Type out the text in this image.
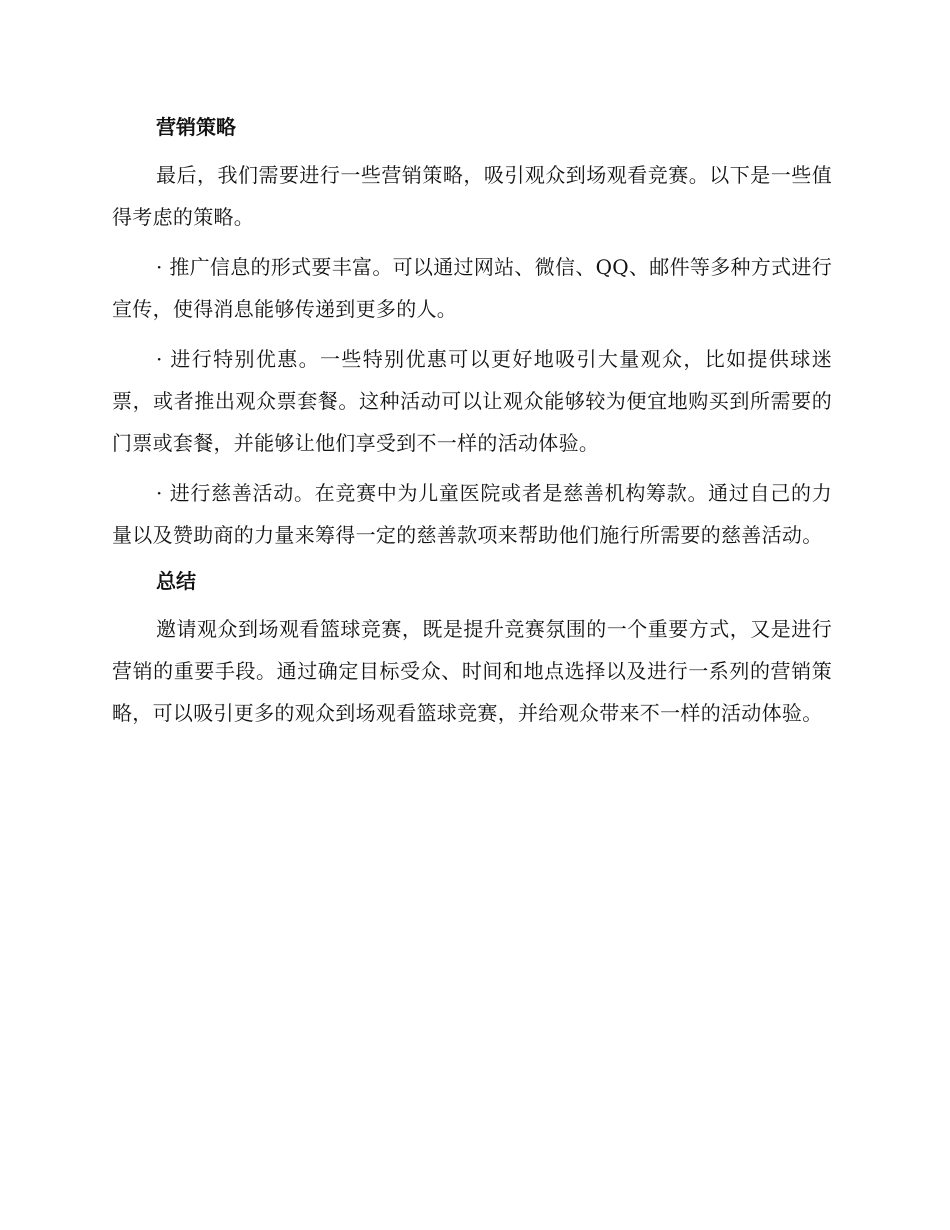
营销策略

最后，我们需要进行一些营销策略，吸引观众到场观看竞赛。以下是一些值得考虑的策略。

· 推广信息的形式要丰富。可以通过网站、微信、QQ、邮件等多种方式进行宣传，使得消息能够传递到更多的人。

· 进行特别优惠。一些特别优惠可以更好地吸引大量观众，比如提供球迷票，或者推出观众票套餐。这种活动可以让观众能够较为便宜地购买到所需要的门票或套餐，并能够让他们享受到不一样的活动体验。

· 进行慈善活动。在竞赛中为儿童医院或者是慈善机构筹款。通过自己的力量以及赞助商的力量来筹得一定的慈善款项来帮助他们施行所需要的慈善活动。

总结

邀请观众到场观看篮球竞赛，既是提升竞赛氛围的一个重要方式，又是进行营销的重要手段。通过确定目标受众、时间和地点选择以及进行一系列的营销策略，可以吸引更多的观众到场观看篮球竞赛，并给观众带来不一样的活动体验。
